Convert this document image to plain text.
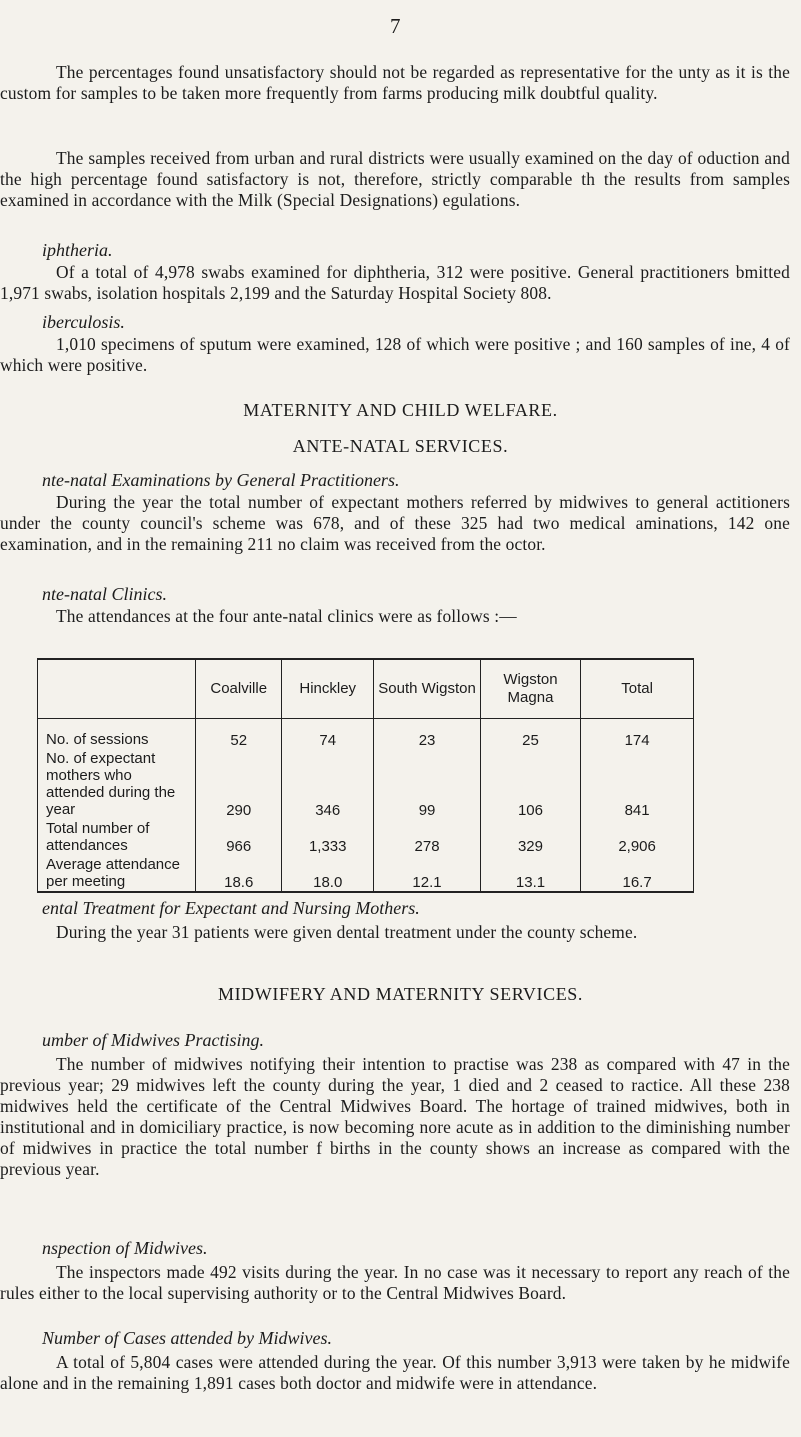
7

The percentages found unsatisfactory should not be regarded as representative for the unty as it is the custom for samples to be taken more frequently from farms producing milk doubtful quality.

The samples received from urban and rural districts were usually examined on the day of oduction and the high percentage found satisfactory is not, therefore, strictly comparable th the results from samples examined in accordance with the Milk (Special Designations) egulations.

iphtheria.

Of a total of 4,978 swabs examined for diphtheria, 312 were positive. General practitioners bmitted 1,971 swabs, isolation hospitals 2,199 and the Saturday Hospital Society 808.

iberculosis.

1,010 specimens of sputum were examined, 128 of which were positive ; and 160 samples of ine, 4 of which were positive.

MATERNITY AND CHILD WELFARE.
ANTE-NATAL SERVICES.
nte-natal Examinations by General Practitioners.

During the year the total number of expectant mothers referred by midwives to general actitioners under the county council's scheme was 678, and of these 325 had two medical aminations, 142 one examination, and in the remaining 211 no claim was received from the octor.

nte-natal Clinics.

The attendances at the four ante-natal clinics were as follows :—

	Coalville	Hinckley	South Wigston	Wigston Magna	Total
No. of sessions	52	74	23	25	174
No. of expectant mothers who attended during the year	290	346	99	106	841
Total number of attendances	966	1,333	278	329	2,906
Average attendance per meeting	18.6	18.0	12.1	13.1	16.7
ental Treatment for Expectant and Nursing Mothers.

During the year 31 patients were given dental treatment under the county scheme.

MIDWIFERY AND MATERNITY SERVICES.
umber of Midwives Practising.

The number of midwives notifying their intention to practise was 238 as compared with 47 in the previous year; 29 midwives left the county during the year, 1 died and 2 ceased to ractice. All these 238 midwives held the certificate of the Central Midwives Board. The hortage of trained midwives, both in institutional and in domiciliary practice, is now becoming nore acute as in addition to the diminishing number of midwives in practice the total number f births in the county shows an increase as compared with the previous year.

nspection of Midwives.

The inspectors made 492 visits during the year. In no case was it necessary to report any reach of the rules either to the local supervising authority or to the Central Midwives Board.

Number of Cases attended by Midwives.

A total of 5,804 cases were attended during the year. Of this number 3,913 were taken by he midwife alone and in the remaining 1,891 cases both doctor and midwife were in attendance.
